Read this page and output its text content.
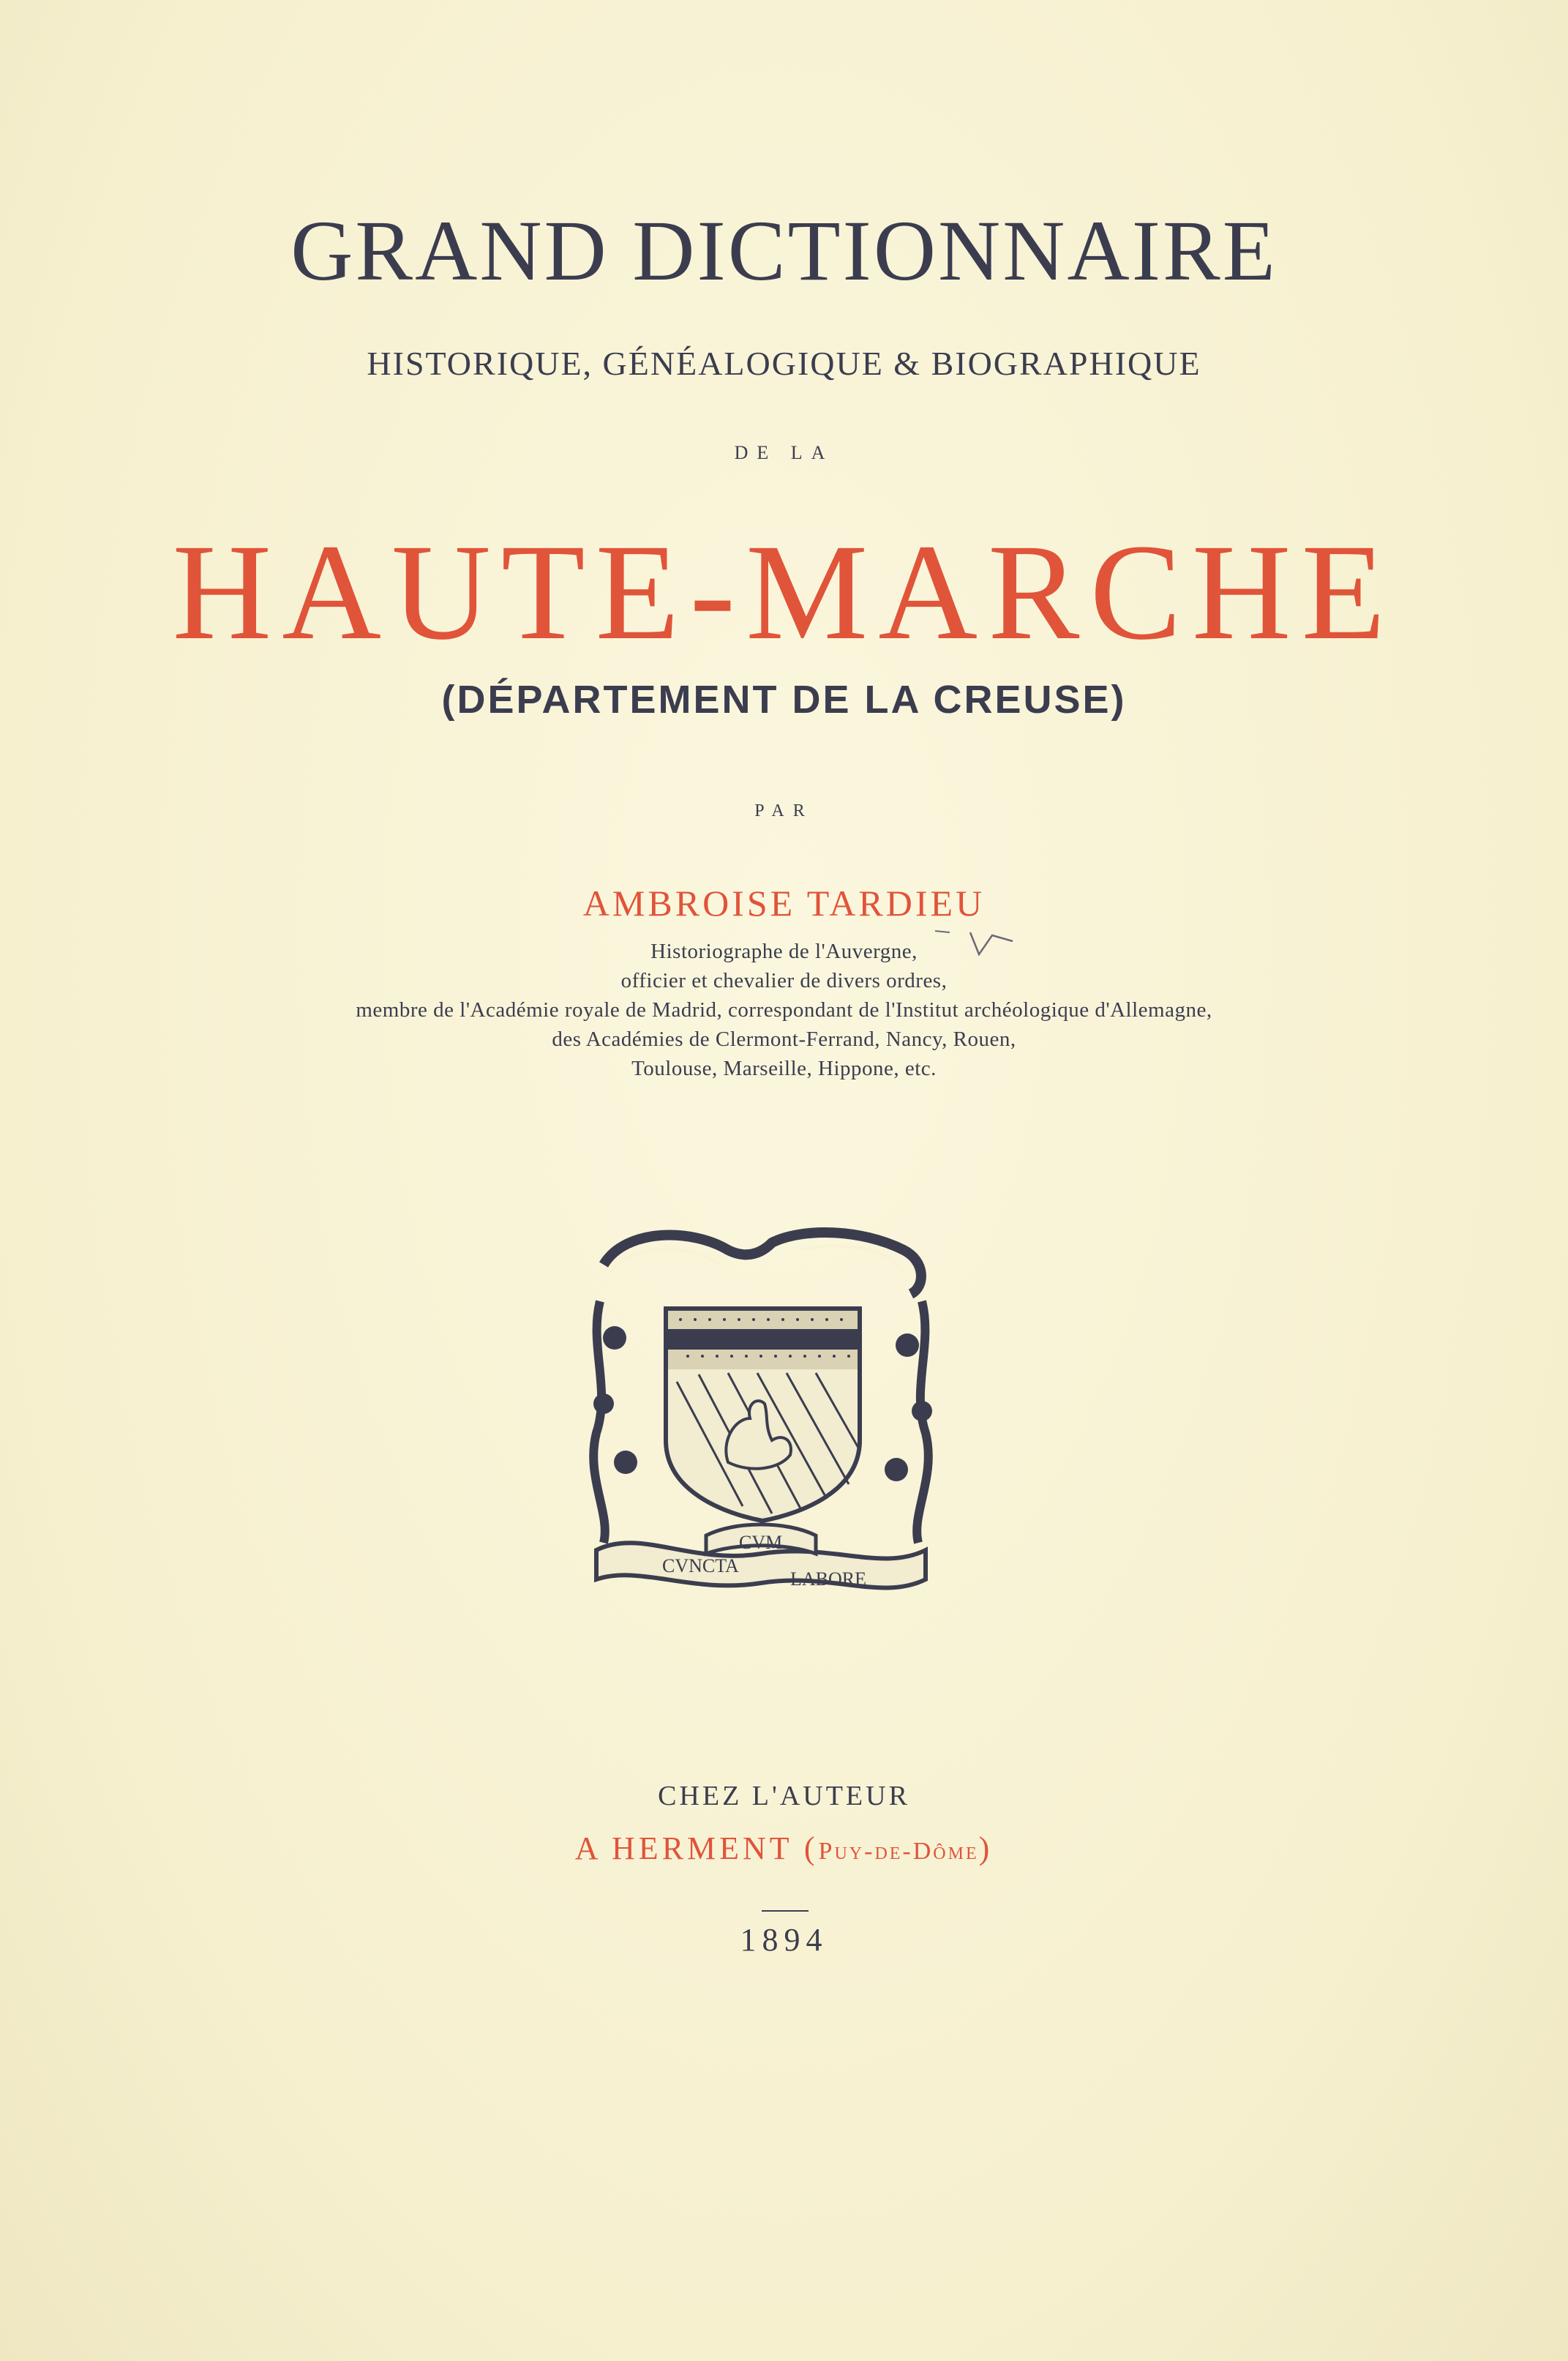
GRAND DICTIONNAIRE
HISTORIQUE, GÉNÉALOGIQUE & BIOGRAPHIQUE
DE LA
HAUTE-MARCHE
(DÉPARTEMENT DE LA CREUSE)
PAR
AMBROISE TARDIEU
Historiographe de l'Auvergne,
officier et chevalier de divers ordres,
membre de l'Académie royale de Madrid, correspondant de l'Institut archéologique d'Allemagne,
des Académies de Clermont-Ferrand, Nancy, Rouen,
Toulouse, Marseille, Hippone, etc.
CVNCTA
CVM
LABORE
CHEZ L'AUTEUR
A HERMENT (Puy-de-Dôme)
1894
